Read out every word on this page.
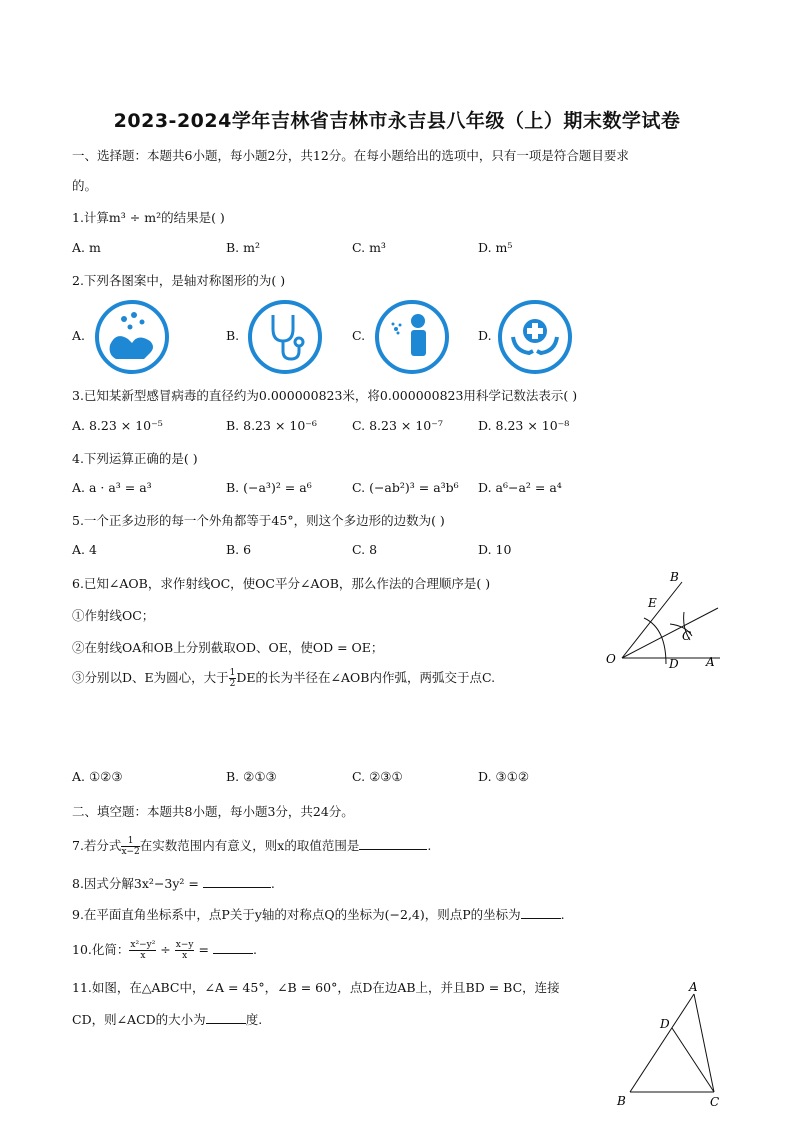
2023-2024学年吉林省吉林市永吉县八年级（上）期末数学试卷
一、选择题：本题共6小题，每小题2分，共12分。在每小题给出的选项中，只有一项是符合题目要求
的。
1.计算m³ ÷ m²的结果是( )
A. m	B. m²	C. m³	D. m⁵
2.下列各图案中，是轴对称图形的为( )
A.	B.	C.	D.
3.已知某新型感冒病毒的直径约为0.000000823米，将0.000000823用科学记数法表示( )
A. 8.23 × 10⁻⁵	B. 8.23 × 10⁻⁶	C. 8.23 × 10⁻⁷	D. 8.23 × 10⁻⁸
4.下列运算正确的是( )
A. a · a³ = a³	B. (−a³)² = a⁶	C. (−ab²)³ = a³b⁶ D. a⁶−a² = a⁴
5.一个正多边形的每一个外角都等于45°，则这个多边形的边数为( )
A. 4	B. 6	C. 8	D. 10
6.已知∠AOB，求作射线OC，使OC平分∠AOB，那么作法的合理顺序是( )
①作射线OC；
②在射线OA和OB上分别截取OD、OE，使OD = OE；
③分别以D、E为圆心，大于 $\frac{1}{2}$ DE的长为半径在∠AOB内作弧，两弧交于点C.
B
E
C
O	D A
A. ①②③	B. ②①③	C. ②③①	D. ③①②
二、填空题：本题共8小题，每小题3分，共24分。
7.若分式 $\frac{1}{x-2}$ 在实数范围内有意义，则x的取值范围是	.
8.因式分解3x²−3y² =	.
9.在平面直角坐标系中，点P关于y轴的对称点Q的坐标为(−2,4)，则点P的坐标为	.
10.化简： $\frac{\text{x²−y²}}{x} \div \frac{x-y}{x}$ =	.
11.如图，在△ABC中，∠A = 45°，∠B = 60°，点D在边AB上，并且BD = BC，连接
CD，则∠ACD的大小为	度.
A
D
B	C
